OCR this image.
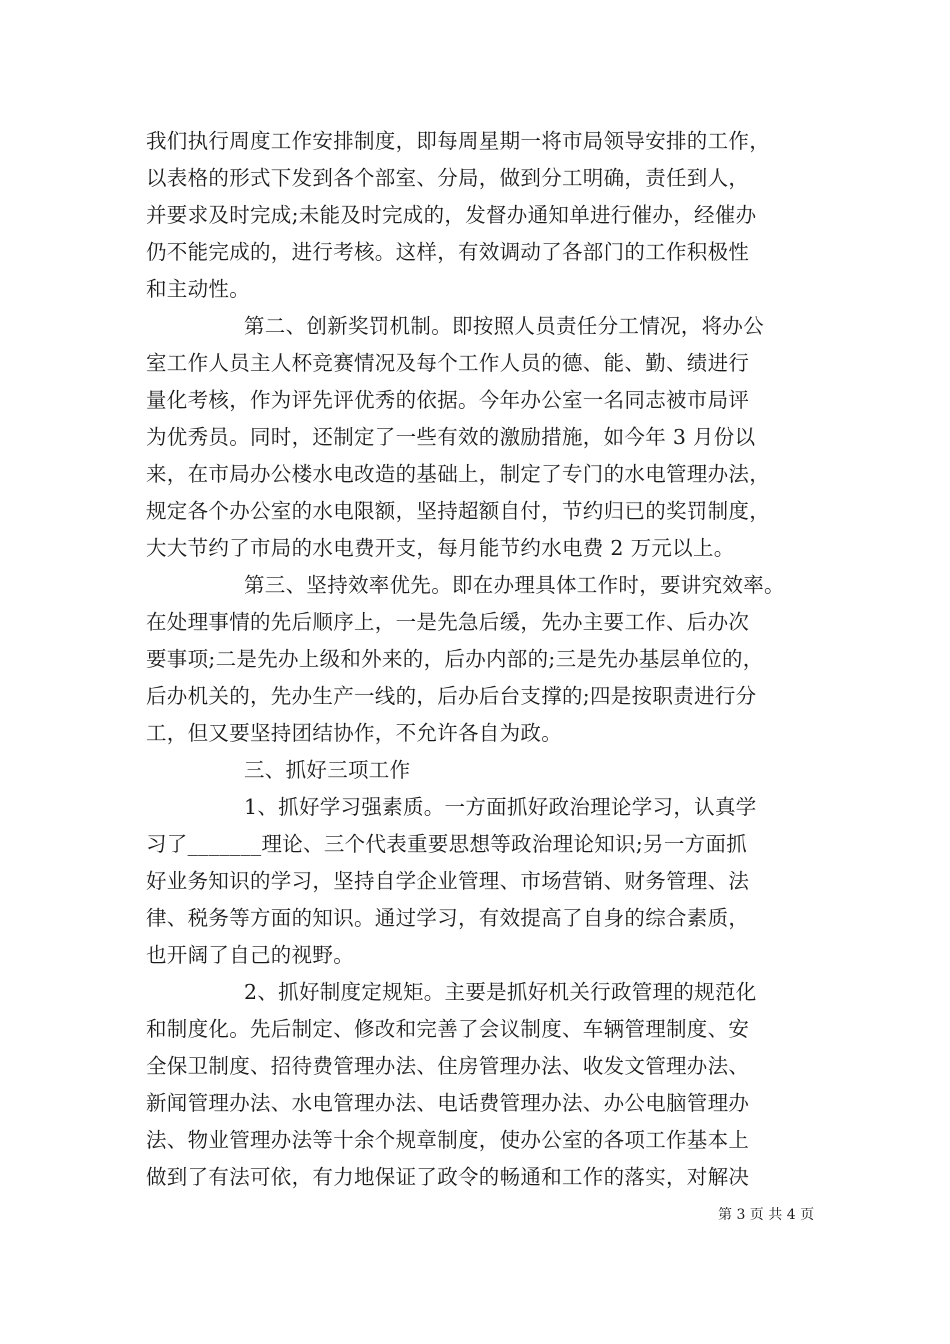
我们执行周度工作安排制度，即每周星期一将市局领导安排的工作，
以表格的形式下发到各个部室、分局，做到分工明确，责任到人，
并要求及时完成;未能及时完成的，发督办通知单进行催办，经催办
仍不能完成的，进行考核。这样，有效调动了各部门的工作积极性
和主动性。
第二、创新奖罚机制。即按照人员责任分工情况，将办公
室工作人员主人杯竞赛情况及每个工作人员的德、能、勤、绩进行
量化考核，作为评先评优秀的依据。今年办公室一名同志被市局评
为优秀员。同时，还制定了一些有效的激励措施，如今年 3 月份以
来，在市局办公楼水电改造的基础上，制定了专门的水电管理办法，
规定各个办公室的水电限额，坚持超额自付，节约归已的奖罚制度，
大大节约了市局的水电费开支，每月能节约水电费 2 万元以上。
第三、坚持效率优先。即在办理具体工作时，要讲究效率。
在处理事情的先后顺序上，一是先急后缓，先办主要工作、后办次
要事项;二是先办上级和外来的，后办内部的;三是先办基层单位的，
后办机关的，先办生产一线的，后办后台支撑的;四是按职责进行分
工，但又要坚持团结协作，不允许各自为政。
三、抓好三项工作
1、抓好学习强素质。一方面抓好政治理论学习，认真学
习了_______理论、三个代表重要思想等政治理论知识;另一方面抓
好业务知识的学习，坚持自学企业管理、市场营销、财务管理、法
律、税务等方面的知识。通过学习，有效提高了自身的综合素质，
也开阔了自己的视野。
2、抓好制度定规矩。主要是抓好机关行政管理的规范化
和制度化。先后制定、修改和完善了会议制度、车辆管理制度、安
全保卫制度、招待费管理办法、住房管理办法、收发文管理办法、
新闻管理办法、水电管理办法、电话费管理办法、办公电脑管理办
法、物业管理办法等十余个规章制度，使办公室的各项工作基本上
做到了有法可依，有力地保证了政令的畅通和工作的落实，对解决
第 3 页 共 4 页
